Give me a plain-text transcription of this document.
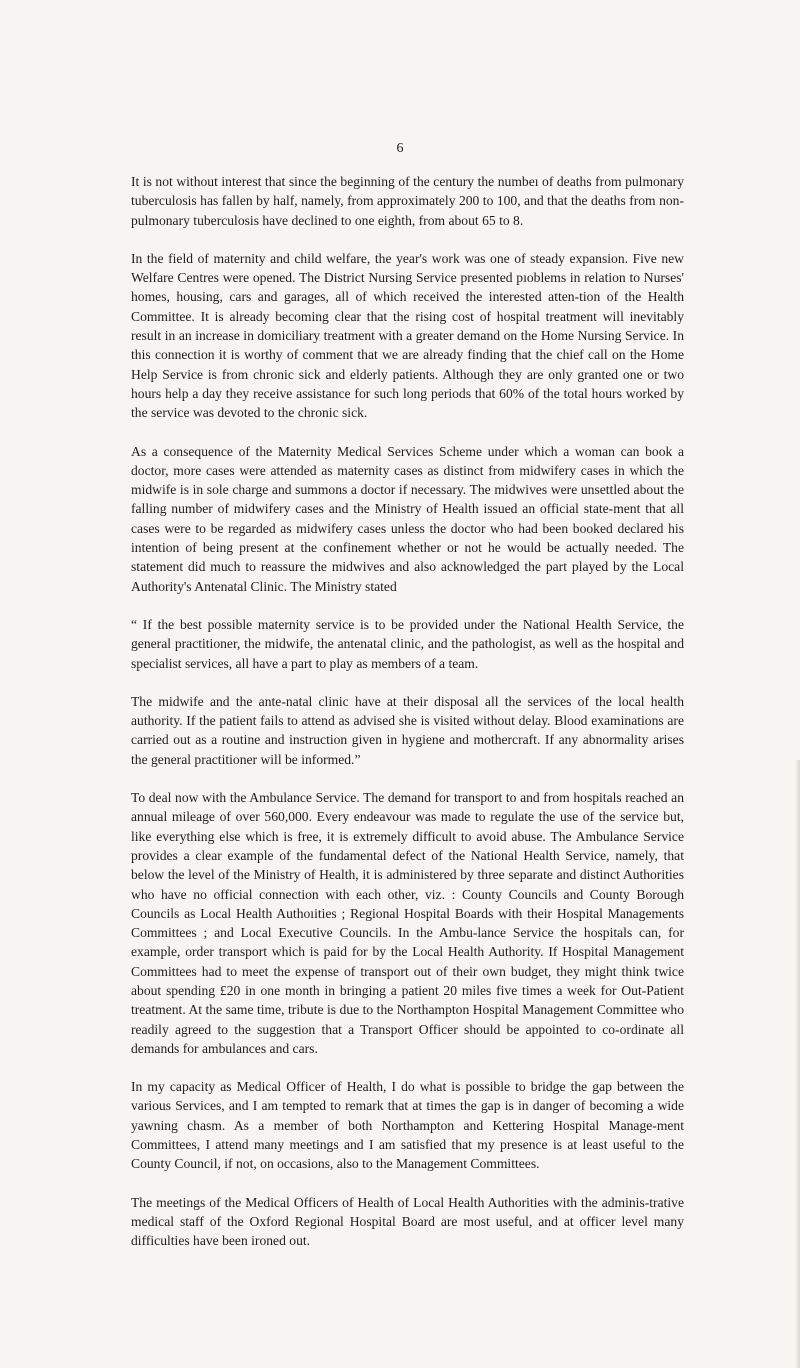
6

It is not without interest that since the beginning of the century the numbeı of deaths from pulmonary tuberculosis has fallen by half, namely, from approximately 200 to 100, and that the deaths from non-pulmonary tuberculosis have declined to one eighth, from about 65 to 8.

In the field of maternity and child welfare, the year's work was one of steady expansion. Five new Welfare Centres were opened. The District Nursing Service presented pıoblems in relation to Nurses' homes, housing, cars and garages, all of which received the interested atten-tion of the Health Committee. It is already becoming clear that the rising cost of hospital treatment will inevitably result in an increase in domiciliary treatment with a greater demand on the Home Nursing Service. In this connection it is worthy of comment that we are already finding that the chief call on the Home Help Service is from chronic sick and elderly patients. Although they are only granted one or two hours help a day they receive assistance for such long periods that 60% of the total hours worked by the service was devoted to the chronic sick.

As a consequence of the Maternity Medical Services Scheme under which a woman can book a doctor, more cases were attended as maternity cases as distinct from midwifery cases in which the midwife is in sole charge and summons a doctor if necessary. The midwives were unsettled about the falling number of midwifery cases and the Ministry of Health issued an official state-ment that all cases were to be regarded as midwifery cases unless the doctor who had been booked declared his intention of being present at the confinement whether or not he would be actually needed. The statement did much to reassure the midwives and also acknowledged the part played by the Local Authority's Antenatal Clinic. The Ministry stated

“ If the best possible maternity service is to be provided under the National Health Service, the general practitioner, the midwife, the antenatal clinic, and the pathologist, as well as the hospital and specialist services, all have a part to play as members of a team.

The midwife and the ante-natal clinic have at their disposal all the services of the local health authority. If the patient fails to attend as advised she is visited without delay. Blood examinations are carried out as a routine and instruction given in hygiene and mothercraft. If any abnormality arises the general practitioner will be informed.”

To deal now with the Ambulance Service. The demand for transport to and from hospitals reached an annual mileage of over 560,000. Every endeavour was made to regulate the use of the service but, like everything else which is free, it is extremely difficult to avoid abuse. The Ambulance Service provides a clear example of the fundamental defect of the National Health Service, namely, that below the level of the Ministry of Health, it is administered by three separate and distinct Authorities who have no official connection with each other, viz. : County Councils and County Borough Councils as Local Health Authoıities ; Regional Hospital Boards with their Hospital Managements Committees ; and Local Executive Councils. In the Ambu-lance Service the hospitals can, for example, order transport which is paid for by the Local Health Authority. If Hospital Management Committees had to meet the expense of transport out of their own budget, they might think twice about spending £20 in one month in bringing a patient 20 miles five times a week for Out-Patient treatment. At the same time, tribute is due to the Northampton Hospital Management Committee who readily agreed to the suggestion that a Transport Officer should be appointed to co-ordinate all demands for ambulances and cars.

In my capacity as Medical Officer of Health, I do what is possible to bridge the gap between the various Services, and I am tempted to remark that at times the gap is in danger of becoming a wide yawning chasm. As a member of both Northampton and Kettering Hospital Manage-ment Committees, I attend many meetings and I am satisfied that my presence is at least useful to the County Council, if not, on occasions, also to the Management Committees.

The meetings of the Medical Officers of Health of Local Health Authorities with the adminis-trative medical staff of the Oxford Regional Hospital Board are most useful, and at officer level many difficulties have been ironed out.
